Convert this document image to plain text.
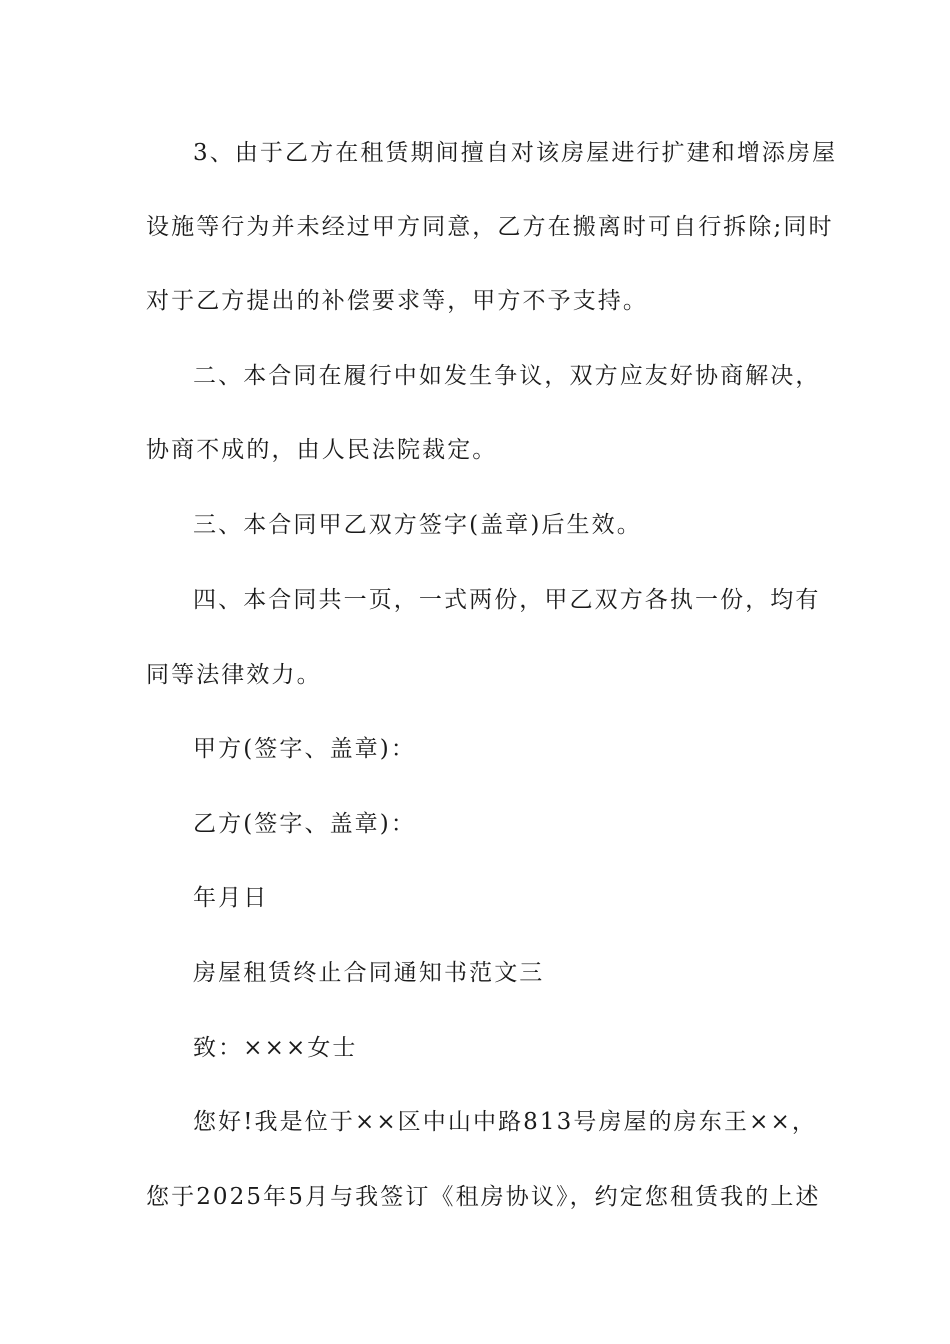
3、由于乙方在租赁期间擅自对该房屋进行扩建和增添房屋
设施等行为并未经过甲方同意，乙方在搬离时可自行拆除;同时
对于乙方提出的补偿要求等，甲方不予支持。
二、本合同在履行中如发生争议，双方应友好协商解决，
协商不成的，由人民法院裁定。
三、本合同甲乙双方签字(盖章)后生效。
四、本合同共一页，一式两份，甲乙双方各执一份，均有
同等法律效力。
甲方(签字、盖章)：
乙方(签字、盖章)：
年月日
房屋租赁终止合同通知书范文三
致：×××女士
您好!我是位于××区中山中路813号房屋的房东王××，
您于2025年5月与我签订《租房协议》，约定您租赁我的上述
